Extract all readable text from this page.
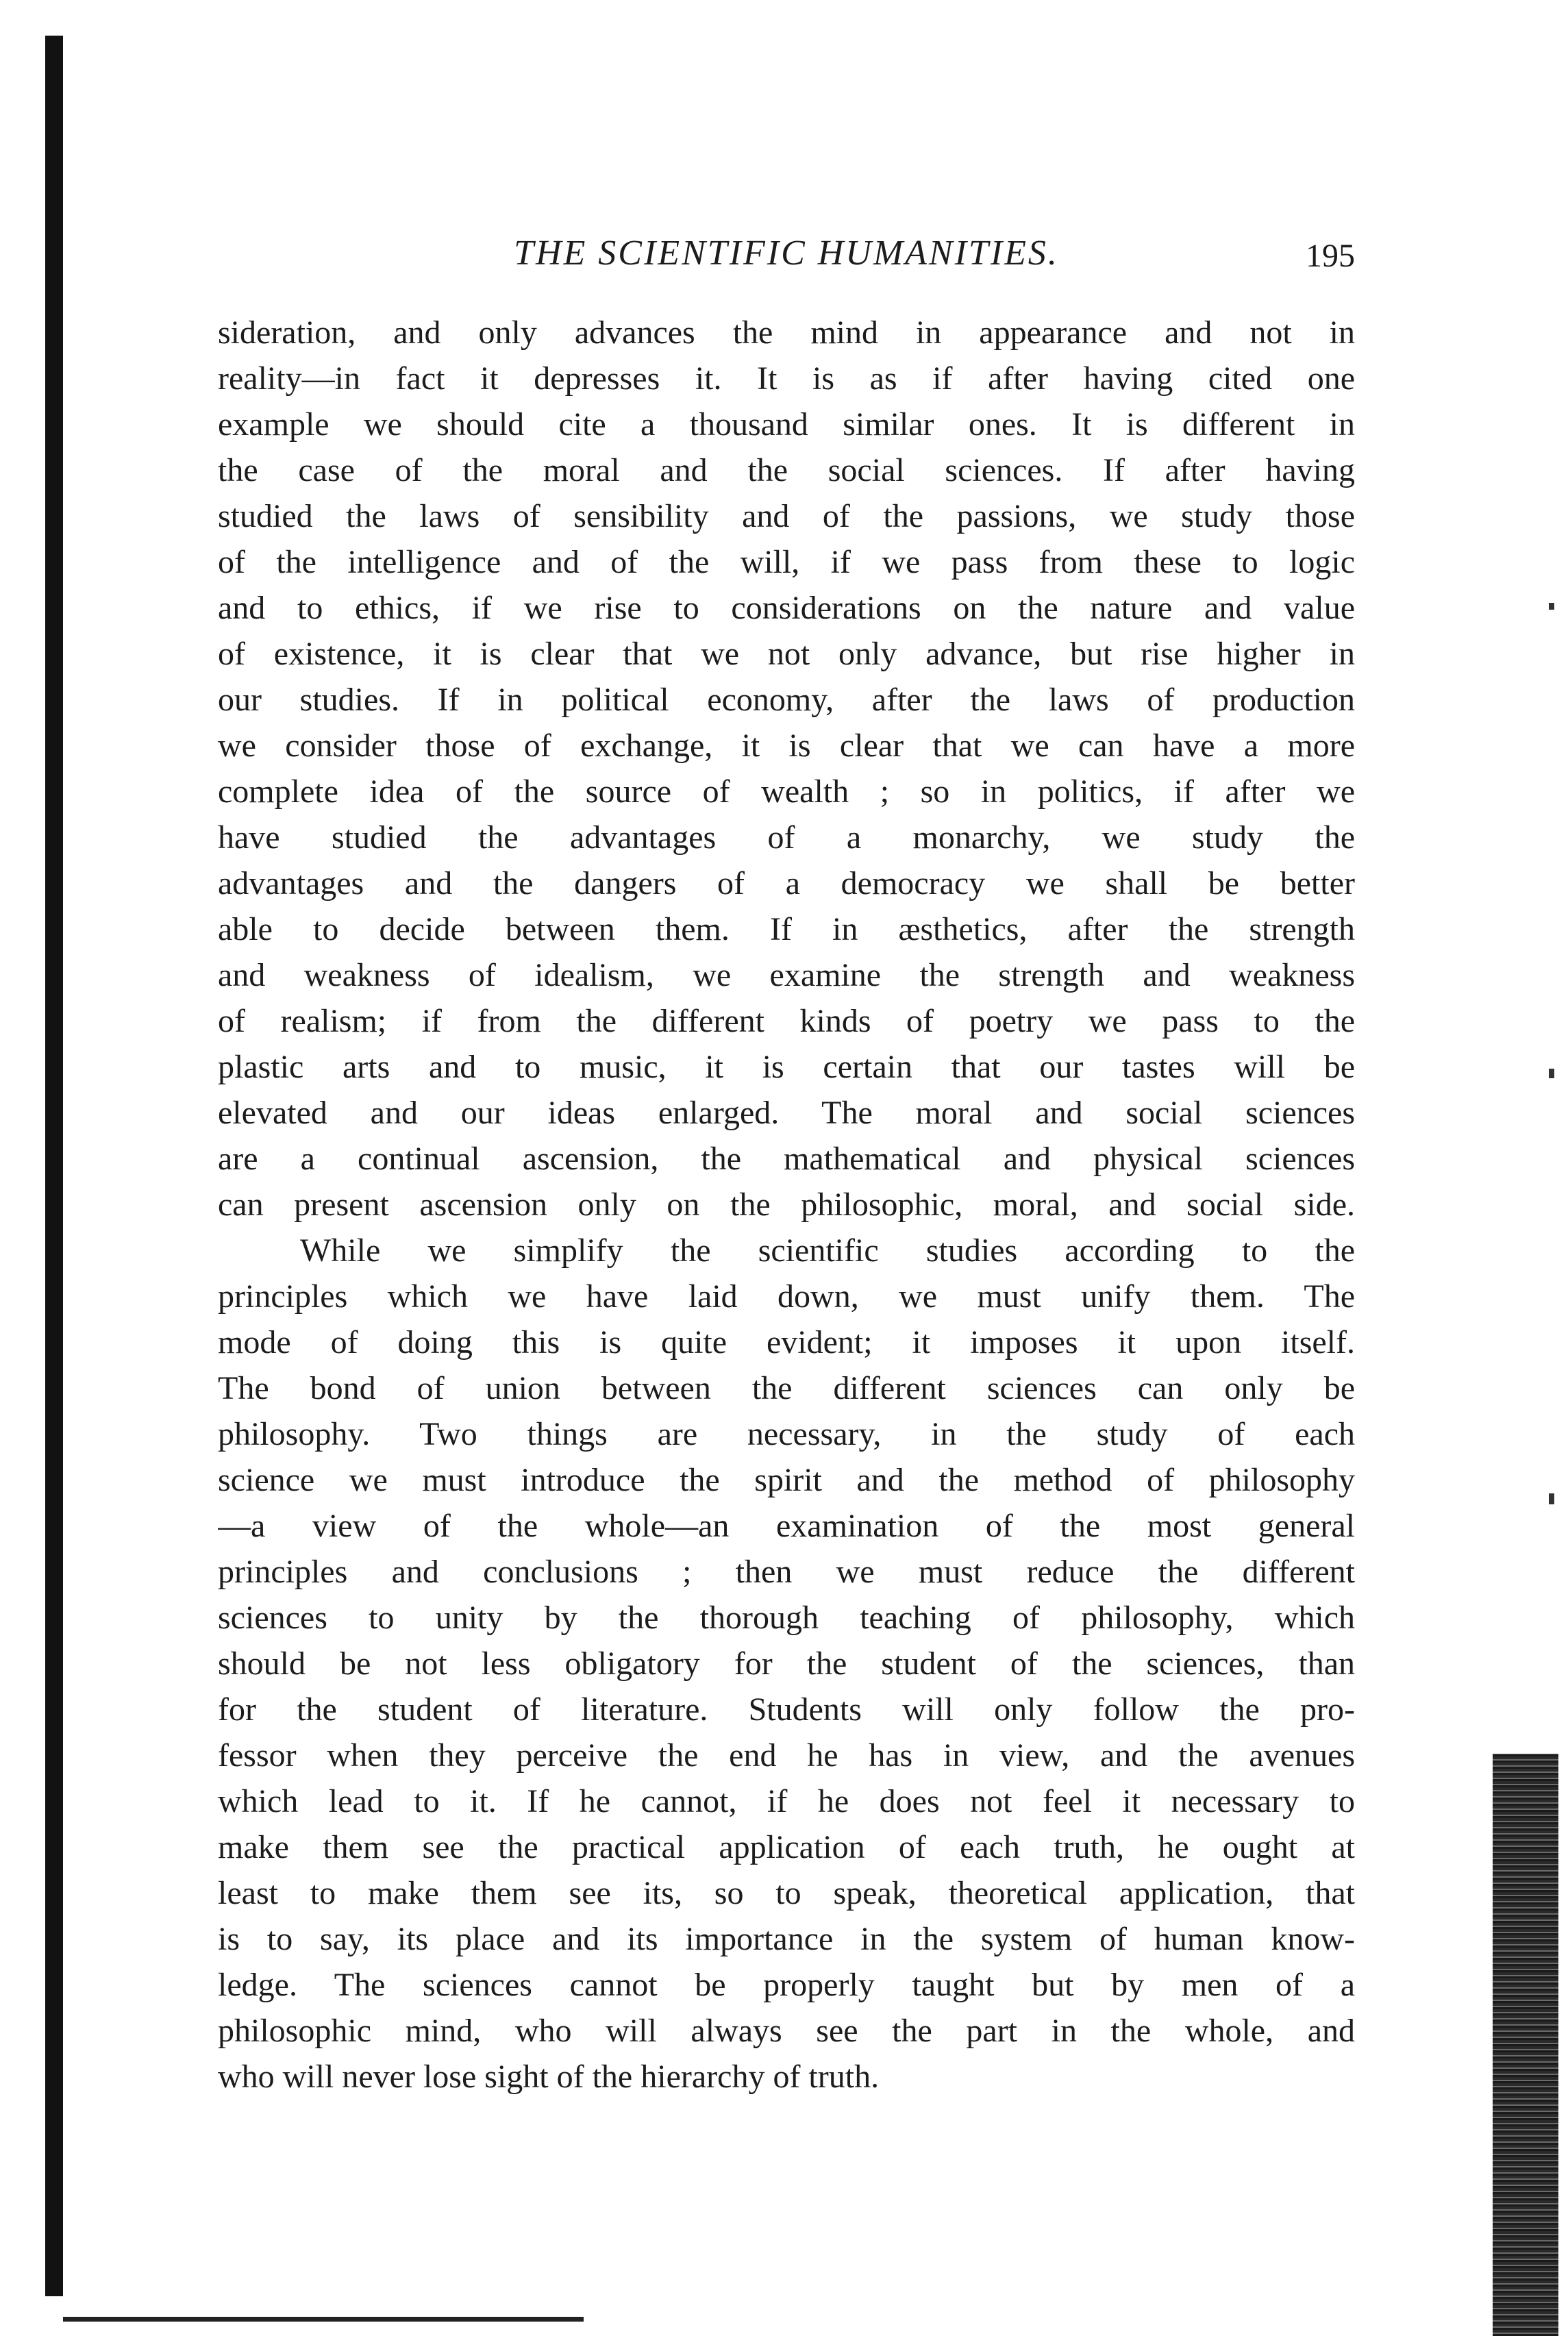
THE SCIENTIFIC HUMANITIES.	195
sideration, and only advances the mind in appearance and not in
reality—in fact it depresses it. It is as if after having cited one
example we should cite a thousand similar ones. It is different in
the case of the moral and the social sciences. If after having
studied the laws of sensibility and of the passions, we study those
of the intelligence and of the will, if we pass from these to logic
and to ethics, if we rise to considerations on the nature and value
of existence, it is clear that we not only advance, but rise higher in
our studies. If in political economy, after the laws of production
we consider those of exchange, it is clear that we can have a more
complete idea of the source of wealth ; so in politics, if after we
have studied the advantages of a monarchy, we study the
advantages and the dangers of a democracy we shall be better
able to decide between them. If in æsthetics, after the strength
and weakness of idealism, we examine the strength and weakness
of realism; if from the different kinds of poetry we pass to the
plastic arts and to music, it is certain that our tastes will be
elevated and our ideas enlarged. The moral and social sciences
are a continual ascension, the mathematical and physical sciences
can present ascension only on the philosophic, moral, and social side.
While we simplify the scientific studies according to the
principles which we have laid down, we must unify them. The
mode of doing this is quite evident; it imposes it upon itself.
The bond of union between the different sciences can only be
philosophy. Two things are necessary, in the study of each
science we must introduce the spirit and the method of philosophy
—a view of the whole—an examination of the most general
principles and conclusions ; then we must reduce the different
sciences to unity by the thorough teaching of philosophy, which
should be not less obligatory for the student of the sciences, than
for the student of literature. Students will only follow the pro-
fessor when they perceive the end he has in view, and the avenues
which lead to it. If he cannot, if he does not feel it necessary to
make them see the practical application of each truth, he ought at
least to make them see its, so to speak, theoretical application, that
is to say, its place and its importance in the system of human know-
ledge. The sciences cannot be properly taught but by men of a
philosophic mind, who will always see the part in the whole, and
who will never lose sight of the hierarchy of truth.
